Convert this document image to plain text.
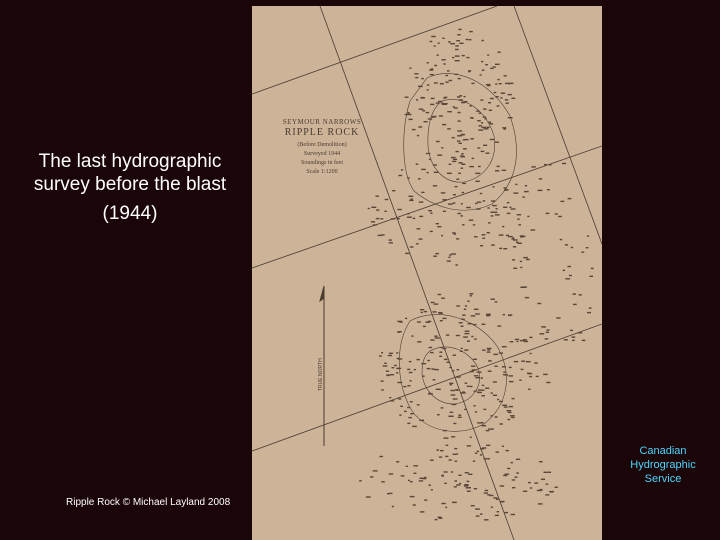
The last hydrographic survey before the blast
(1944)
TRUE NORTH
SEYMOUR NARROWS
RIPPLE ROCK
(Before Demolition)
Surveyed 1944
Soundings in feet
Scale 1:1200
Ripple Rock © Michael Layland 2008
Canadian Hydrographic Service
